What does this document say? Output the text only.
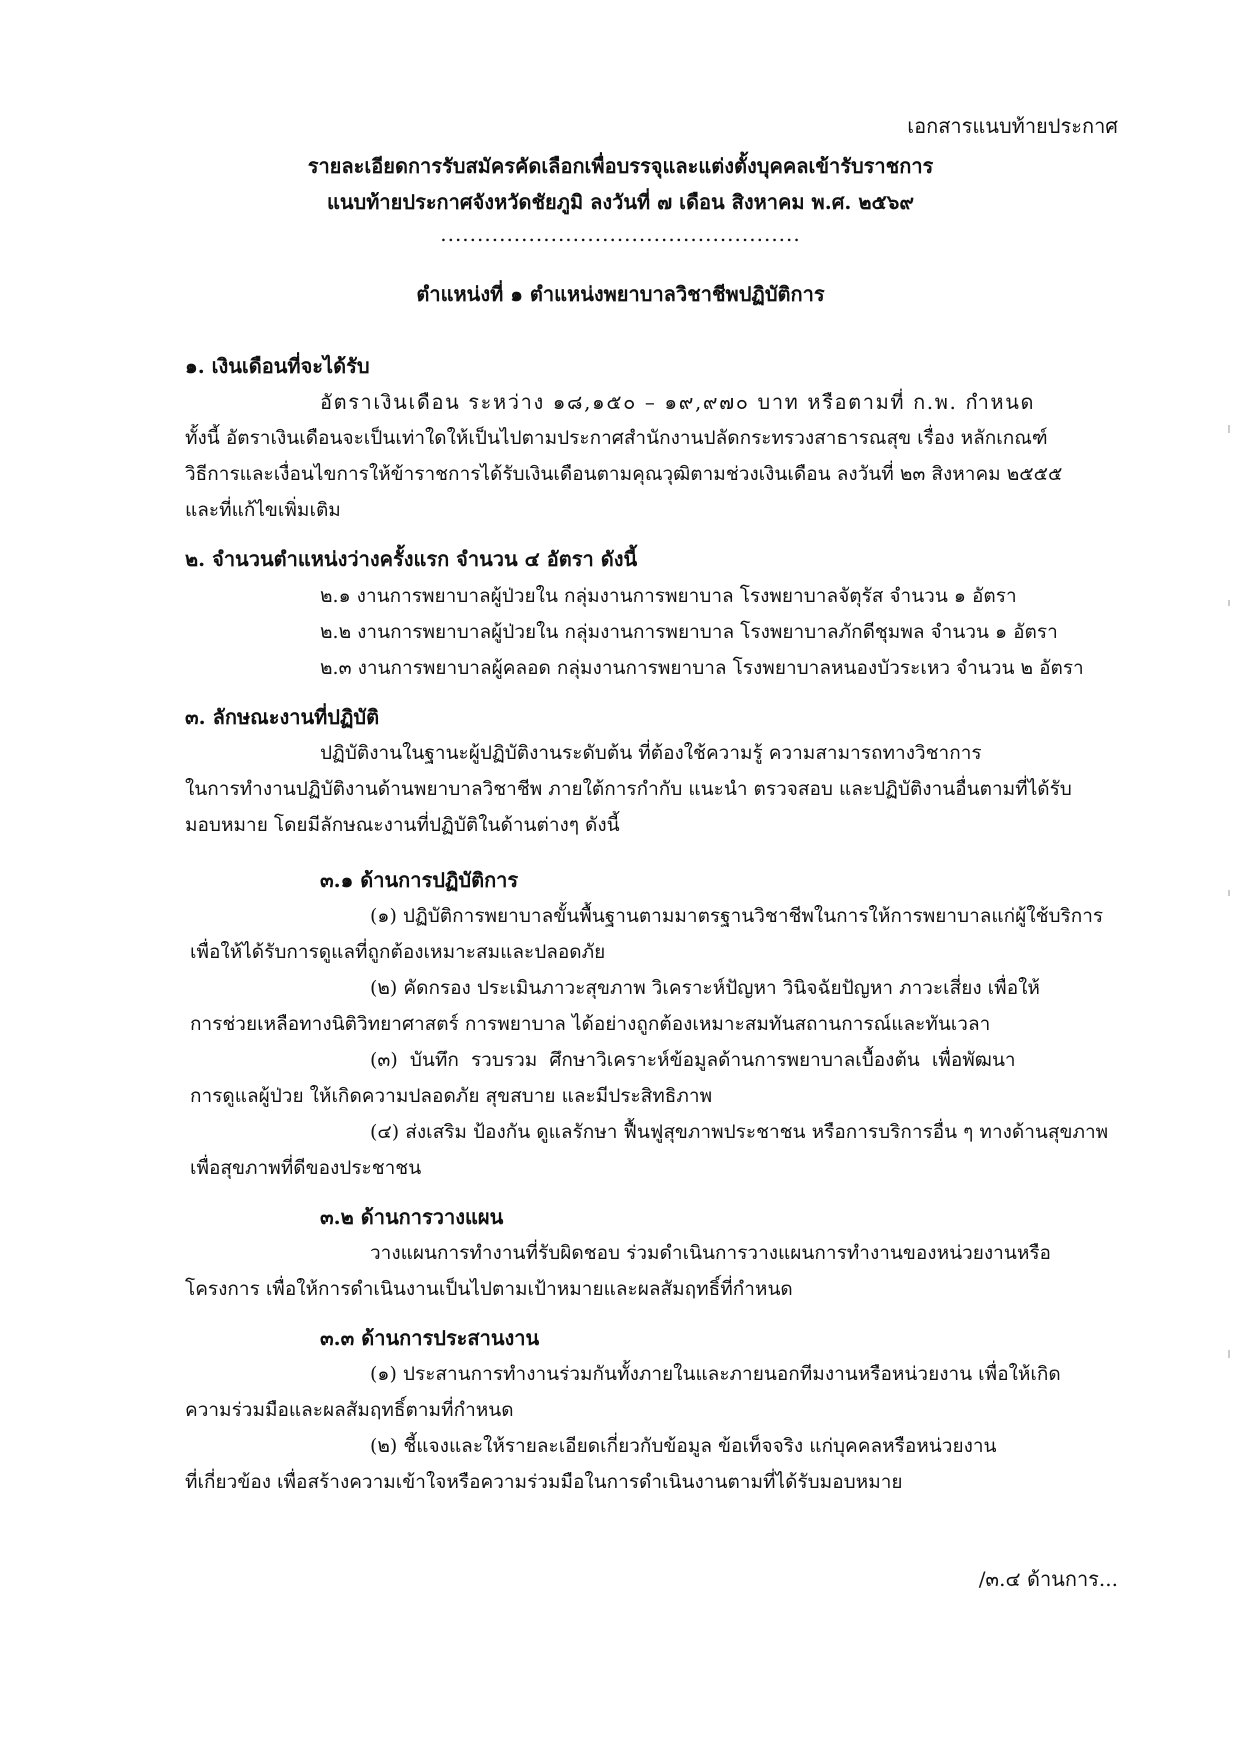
เอกสารแนบท้ายประกาศ
รายละเอียดการรับสมัครคัดเลือกเพื่อบรรจุและแต่งตั้งบุคคลเข้ารับราชการ
แนบท้ายประกาศจังหวัดชัยภูมิ ลงวันที่ ๗ เดือน สิงหาคม พ.ศ. ๒๕๖๙
.................................................
ตำแหน่งที่ ๑ ตำแหน่งพยาบาลวิชาชีพปฏิบัติการ
๑. เงินเดือนที่จะได้รับ
อัตราเงินเดือน ระหว่าง ๑๘,๑๕๐ – ๑๙,๙๗๐ บาท หรือตามที่ ก.พ. กำหนด
ทั้งนี้ อัตราเงินเดือนจะเป็นเท่าใดให้เป็นไปตามประกาศสำนักงานปลัดกระทรวงสาธารณสุข เรื่อง หลักเกณฑ์
วิธีการและเงื่อนไขการให้ข้าราชการได้รับเงินเดือนตามคุณวุฒิตามช่วงเงินเดือน ลงวันที่ ๒๓ สิงหาคม ๒๕๕๕
และที่แก้ไขเพิ่มเติม
๒. จำนวนตำแหน่งว่างครั้งแรก จำนวน ๔ อัตรา ดังนี้
๒.๑ งานการพยาบาลผู้ป่วยใน กลุ่มงานการพยาบาล โรงพยาบาลจัตุรัส จำนวน ๑ อัตรา
๒.๒ งานการพยาบาลผู้ป่วยใน กลุ่มงานการพยาบาล โรงพยาบาลภักดีชุมพล จำนวน ๑ อัตรา
๒.๓ งานการพยาบาลผู้คลอด กลุ่มงานการพยาบาล โรงพยาบาลหนองบัวระเหว จำนวน ๒ อัตรา
๓. ลักษณะงานที่ปฏิบัติ
ปฏิบัติงานในฐานะผู้ปฏิบัติงานระดับต้น ที่ต้องใช้ความรู้ ความสามารถทางวิชาการ
ในการทำงานปฏิบัติงานด้านพยาบาลวิชาชีพ ภายใต้การกำกับ แนะนำ ตรวจสอบ และปฏิบัติงานอื่นตามที่ได้รับ
มอบหมาย โดยมีลักษณะงานที่ปฏิบัติในด้านต่างๆ ดังนี้
๓.๑ ด้านการปฏิบัติการ
(๑) ปฏิบัติการพยาบาลขั้นพื้นฐานตามมาตรฐานวิชาชีพในการให้การพยาบาลแก่ผู้ใช้บริการ
เพื่อให้ได้รับการดูแลที่ถูกต้องเหมาะสมและปลอดภัย
(๒) คัดกรอง ประเมินภาวะสุขภาพ วิเคราะห์ปัญหา วินิจฉัยปัญหา ภาวะเสี่ยง เพื่อให้
การช่วยเหลือทางนิติวิทยาศาสตร์ การพยาบาล ได้อย่างถูกต้องเหมาะสมทันสถานการณ์และทันเวลา
(๓) บันทึก รวบรวม ศึกษาวิเคราะห์ข้อมูลด้านการพยาบาลเบื้องต้น เพื่อพัฒนา
การดูแลผู้ป่วย ให้เกิดความปลอดภัย สุขสบาย และมีประสิทธิภาพ
(๔) ส่งเสริม ป้องกัน ดูแลรักษา ฟื้นฟูสุขภาพประชาชน หรือการบริการอื่น ๆ ทางด้านสุขภาพ
เพื่อสุขภาพที่ดีของประชาชน
๓.๒ ด้านการวางแผน
วางแผนการทำงานที่รับผิดชอบ ร่วมดำเนินการวางแผนการทำงานของหน่วยงานหรือ
โครงการ เพื่อให้การดำเนินงานเป็นไปตามเป้าหมายและผลสัมฤทธิ์ที่กำหนด
๓.๓ ด้านการประสานงาน
(๑) ประสานการทำงานร่วมกันทั้งภายในและภายนอกทีมงานหรือหน่วยงาน เพื่อให้เกิด
ความร่วมมือและผลสัมฤทธิ์ตามที่กำหนด
(๒) ชี้แจงและให้รายละเอียดเกี่ยวกับข้อมูล ข้อเท็จจริง แก่บุคคลหรือหน่วยงาน
ที่เกี่ยวข้อง เพื่อสร้างความเข้าใจหรือความร่วมมือในการดำเนินงานตามที่ได้รับมอบหมาย
/๓.๔ ด้านการ...
